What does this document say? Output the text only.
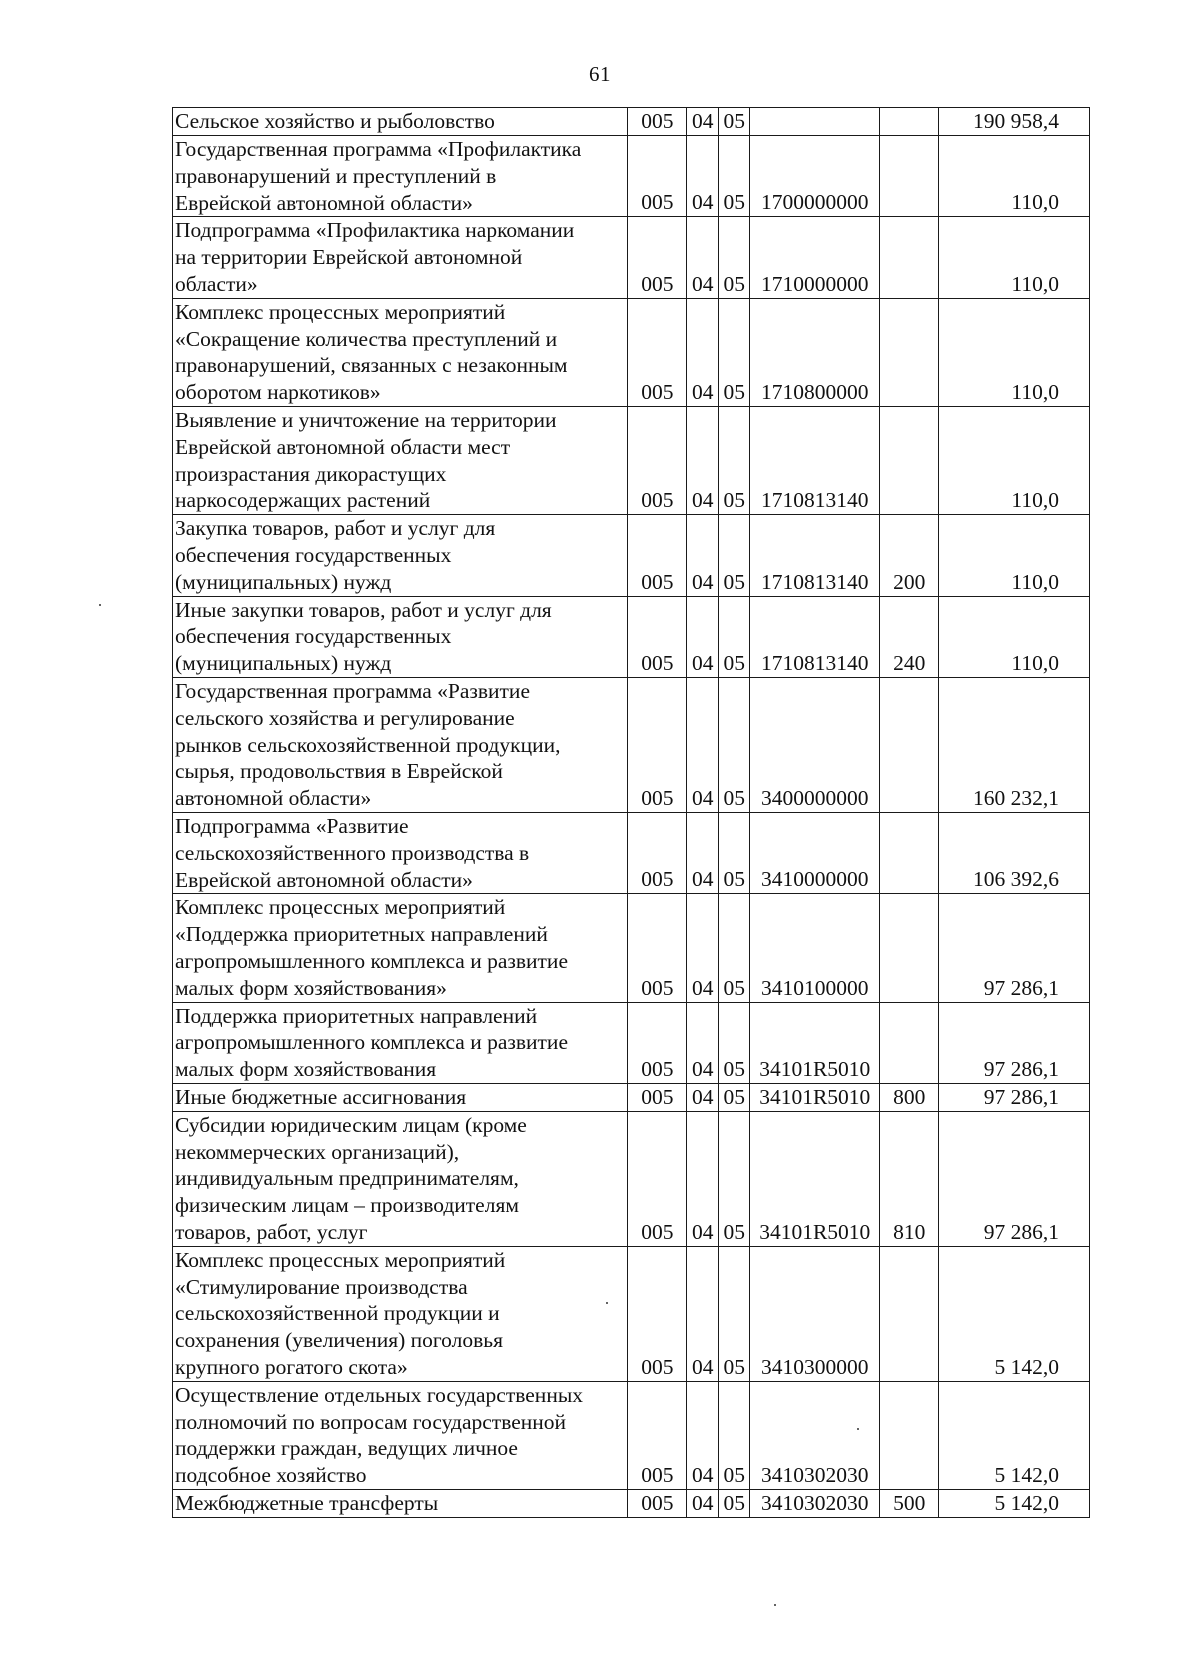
61
Сельское хозяйство и рыболовство	005	04	05			190 958,4
Государственная программа «Профилактика
правонарушений и преступлений в
Еврейской автономной области»	005	04	05	1700000000		110,0
Подпрограмма «Профилактика наркомании
на территории Еврейской автономной
области»	005	04	05	1710000000		110,0
Комплекс процессных мероприятий
«Сокращение количества преступлений и
правонарушений, связанных с незаконным
оборотом наркотиков»	005	04	05	1710800000		110,0
Выявление и уничтожение на территории
Еврейской автономной области мест
произрастания дикорастущих
наркосодержащих растений	005	04	05	1710813140		110,0
Закупка товаров, работ и услуг для
обеспечения государственных
(муниципальных) нужд	005	04	05	1710813140	200	110,0
Иные закупки товаров, работ и услуг для
обеспечения государственных
(муниципальных) нужд	005	04	05	1710813140	240	110,0
Государственная программа «Развитие
сельского хозяйства и регулирование
рынков сельскохозяйственной продукции,
сырья, продовольствия в Еврейской
автономной области»	005	04	05	3400000000		160 232,1
Подпрограмма «Развитие
сельскохозяйственного производства в
Еврейской автономной области»	005	04	05	3410000000		106 392,6
Комплекс процессных мероприятий
«Поддержка приоритетных направлений
агропромышленного комплекса и развитие
малых форм хозяйствования»	005	04	05	3410100000		97 286,1
Поддержка приоритетных направлений
агропромышленного комплекса и развитие
малых форм хозяйствования	005	04	05	34101R5010		97 286,1
Иные бюджетные ассигнования	005	04	05	34101R5010	800	97 286,1
Субсидии юридическим лицам (кроме
некоммерческих организаций),
индивидуальным предпринимателям,
физическим лицам – производителям
товаров, работ, услуг	005	04	05	34101R5010	810	97 286,1
Комплекс процессных мероприятий
«Стимулирование производства
сельскохозяйственной продукции и
сохранения (увеличения) поголовья
крупного рогатого скота»	005	04	05	3410300000		5 142,0
Осуществление отдельных государственных
полномочий по вопросам государственной
поддержки граждан, ведущих личное
подсобное хозяйство	005	04	05	3410302030		5 142,0
Межбюджетные трансферты	005	04	05	3410302030	500	5 142,0
